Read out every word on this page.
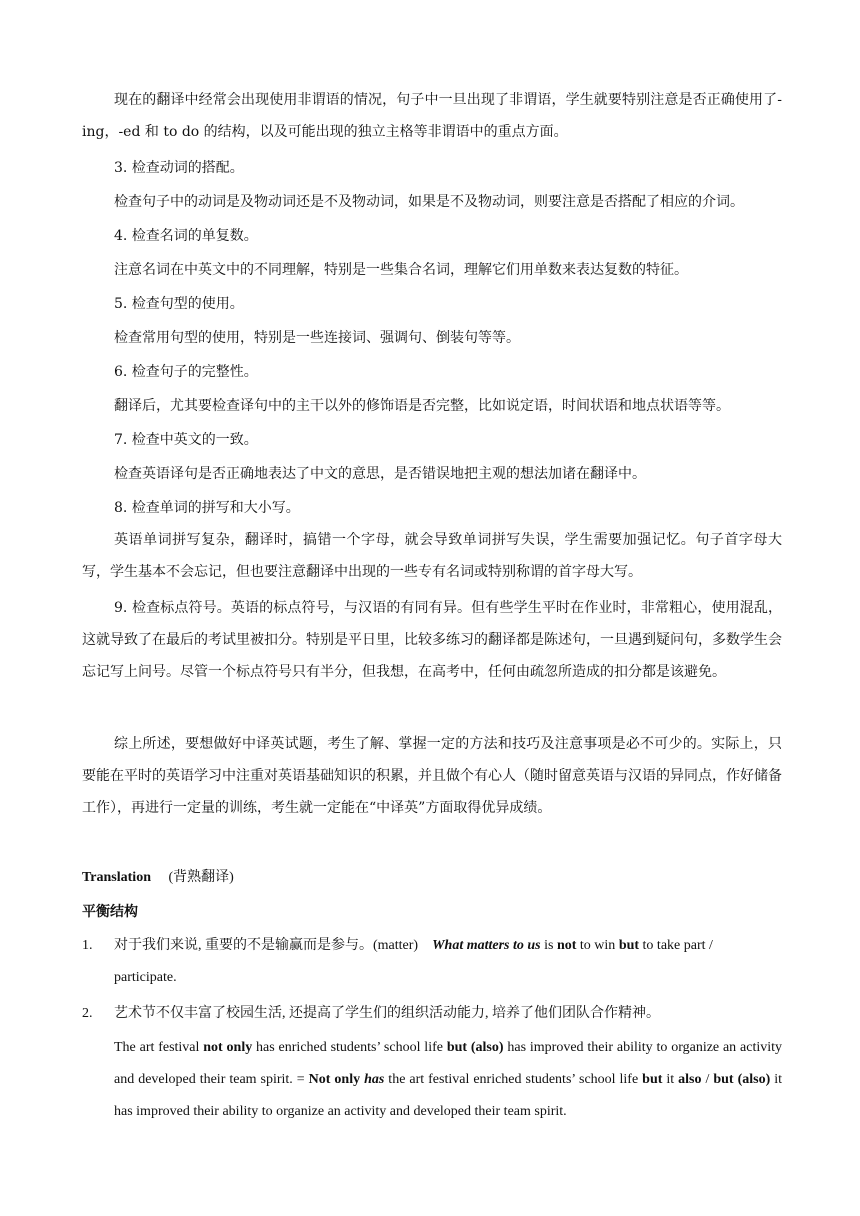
现在的翻译中经常会出现使用非谓语的情况，句子中一旦出现了非谓语，学生就要特别注意是否正确使用了-ing，-ed 和 to do 的结构，以及可能出现的独立主格等非谓语中的重点方面。

3. 检查动词的搭配。
检查句子中的动词是及物动词还是不及物动词，如果是不及物动词，则要注意是否搭配了相应的介词。
4. 检查名词的单复数。
注意名词在中英文中的不同理解，特别是一些集合名词，理解它们用单数来表达复数的特征。
5. 检查句型的使用。
检查常用句型的使用，特别是一些连接词、强调句、倒装句等等。
6. 检查句子的完整性。
翻译后，尤其要检查译句中的主干以外的修饰语是否完整，比如说定语，时间状语和地点状语等等。
7. 检查中英文的一致。
检查英语译句是否正确地表达了中文的意思，是否错误地把主观的想法加诸在翻译中。
8. 检查单词的拼写和大小写。

英语单词拼写复杂，翻译时，搞错一个字母，就会导致单词拼写失误，学生需要加强记忆。句子首字母大写，学生基本不会忘记，但也要注意翻译中出现的一些专有名词或特别称谓的首字母大写。

9. 检查标点符号。英语的标点符号，与汉语的有同有异。但有些学生平时在作业时，非常粗心，使用混乱，这就导致了在最后的考试里被扣分。特别是平日里，比较多练习的翻译都是陈述句，一旦遇到疑问句，多数学生会忘记写上问号。尽管一个标点符号只有半分，但我想，在高考中，任何由疏忽所造成的扣分都是该避免。

综上所述，要想做好中译英试题，考生了解、掌握一定的方法和技巧及注意事项是必不可少的。实际上，只要能在平时的英语学习中注重对英语基础知识的积累，并且做个有心人（随时留意英语与汉语的异同点，作好储备工作），再进行一定量的训练，考生就一定能在“中译英”方面取得优异成绩。

Translation (背熟翻译)
平衡结构
1. 对于我们来说, 重要的不是输赢而是参与。(matter) What matters to us is not to win but to take part /
participate.

2. 艺术节不仅丰富了校园生活, 还提高了学生们的组织活动能力, 培养了他们团队合作精神。

The art festival not only has enriched students’ school life but (also) has improved their ability to organize an activity and developed their team spirit. = Not only has the art festival enriched students’ school life but it also / but (also) it has improved their ability to organize an activity and developed their team spirit.
